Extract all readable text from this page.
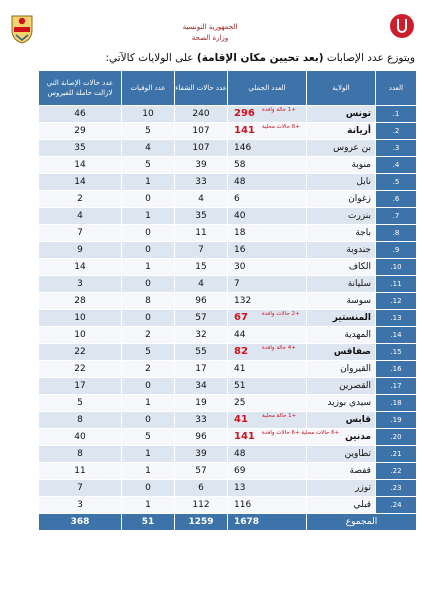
الجمهورية التونسية
وزارة الصحة
ويتوزع عدد الإصابات (بعد تحيين مكان الإقامة) على الولايات كالآتي:
العدد	الولاية	العدد الجملي	عدد حالات الشفاء	عدد الوفيات	عدد حالات الإصابة التي لازالت حاملة للفيروس
1.	تونس	296 +1 حالة وافدة	240	10	46
2.	أريانة	141 +6 حالات محلية	107	5	29
3.	بن عروس	146	107	4	35
4.	منوبة	58	39	5	14
5.	نابل	48	33	1	14
6.	زغوان	6	4	0	2
7.	بنزرت	40	35	1	4
8.	باجة	18	11	0	7
9.	جندوبة	16	7	0	9
10.	الكاف	30	15	1	14
11.	سليانة	7	4	0	3
12.	سوسة	132	96	8	28
13.	المنستير	67 +2 حالات وافدة	57	0	10
14.	المهدية	44	32	2	10
15.	صفاقس	82 +4 حالة وافدة	55	5	22
16.	القيروان	41	17	2	22
17.	القصرين	51	34	0	17
18.	سيدي بوزيد	25	19	1	5
19.	قابس	41 +1 حالة محلية	33	0	8
20.	مدنين	141 +6 حالات محلية +6 حالات وافدة	96	5	40
21.	تطاوين	48	39	1	8
22.	قفصة	69	57	1	11
23.	توزر	13	6	0	7
24.	قبلي	116	112	1	3
المجموع		1678	1259	51	368
